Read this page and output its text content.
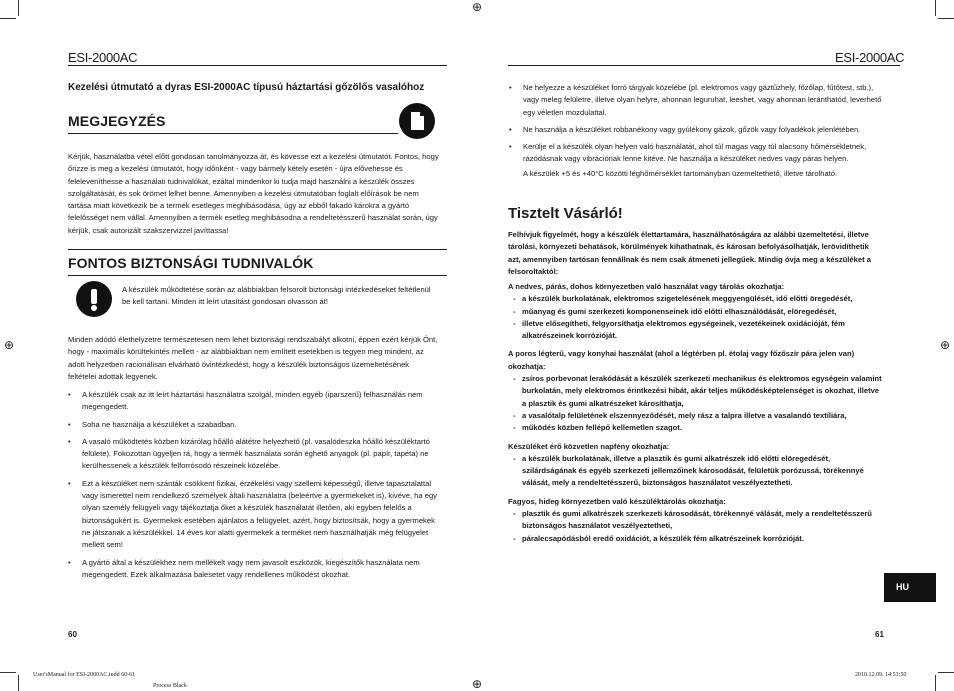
⊕
⊕
⊕	⊕
ESI-2000AC	ESI-2000AC
Kezelési útmutató a dyras ESI-2000AC típusú háztartási gőzölős vasalóhoz
MEGJEGYZÉS
Kérjük, használatba vétel előtt gondosan tanulmányozza át, és kövesse ezt a kezelési útmutatót. Fontos, hogy őrizze is meg a kezelési útmutatót, hogy időnként - vagy bármely kétely esetén - újra elővehesse és feleleveníthesse a használati tudnivalókat, ezáltal mindenkor ki tudja majd használni a készülék összes szolgáltatását, és sok örömet lelhet benne. Amennyiben a kezelési útmutatóban foglalt előírások be nem tartása miatt következik be a termék esetleges meghibásodása, úgy az ebből fakadó károkra a gyártó felelősséget nem vállal. Amennyiben a termék esetleg meghibásodna a rendeltetésszerű használat során, úgy kérjük, csak autorizált szakszervizzel javíttassa!
FONTOS BIZTONSÁGI TUDNIVALÓK
A készülék működtetése során az alábbiakban felsorolt biztonsági intézkedéseket feltétlenül be kell tartani. Minden itt leírt utasítást gondosan olvasson át!
Minden adódó élethelyzetre természetesen nem lehet biztonsági rendszabályt alkotni, éppen ezért kérjük Önt, hogy - maximális körültekintés mellett - az alábbiakban nem említett esetekben is tegyen meg mindent, az adott helyzetben racionálisan elvárható óvintézkedést, hogy a készülék biztonságos üzemeltetésének feltételei adottak legyenek.
• A készülék csak az itt leírt háztartási használatra szolgál, minden egyéb (iparszerű) felhasználás nem megengedett.
• Soha ne használja a készüléket a szabadban.
• A vasaló működtetés közben kizárólag hőálló alátétre helyezhető (pl. vasalódeszka hőálló készüléktartó felülete). Fokozottan ügyeljen rá, hogy a termék használata során éghető anyagok (pl. papír, tapéta) ne kerülhessenek a készülék felforrósodó részeinek közelébe.
• Ezt a készüléket nem szánták csökkent fizikai, érzékelési vagy szellemi képességű, illetve tapasztalattal vagy ismerettel nem rendelkező személyek általi használatra (beleértve a gyermekeket is), kivéve, ha egy olyan személy felügyeli vagy tájékoztatja őket a készülék használatát illetően, aki egyben felelős a biztonságukért is. Gyermekek esetében ajánlatos a felügyelet, azért, hogy biztosítsák, hogy a gyermekek ne játszanak a készülékkel. 14 éves kor alatti gyermekek a terméket nem használhatják még felügyelet mellett sem!
• A gyártó által a készülékhez nem mellékelt vagy nem javasolt eszközök, kiegészítők használata nem megengedett. Ezek alkalmazása balesetet vagy rendellenes működést okozhat.
60
• Ne helyezze a készüléket forró tárgyak közelébe (pl. elektromos vagy gáztűzhely, főzőlap, fűtőtest, stb.), vagy meleg felületre, illetve olyan helyre, ahonnan leguruhat, leeshet, vagy ahonnan leránthatód, leverhető egy véletlen mozdulattal.
• Ne használja a készüléket robbanékony vagy gyúlékony gázok, gőzök vagy folyadékok jelenlétében.
• Kerülje el a készülék olyan helyen való használatát, ahol túl magas vagy túl alacsony hőmérsékletnek, rázódásnak vagy vibrációnak lenne kitéve. Ne használja a készüléket nedves vagy páras helyen.
A készülék +5 és +40°C közötti léghőmérséklet tartományban üzemeltethető, illetve tárolható.
Tisztelt Vásárló!
Felhívjuk figyelmét, hogy a készülék élettartamára, használhatóságára az alábbi üzemeltetési, illetve tárolási, környezeti behatások, körülmények kihathatnak, és károsan befolyásolhatják, lerövidíthetik azt, amennyiben tartósan fennállnak és nem csak átmeneti jellegűek. Mindig óvja meg a készüléket a felsoroltaktól:
A nedves, párás, dohos környezetben való használat vagy tárolás okozhatja:
- a készülék burkolatának, elektromos szigetelésének meggyengülését, idő előtti öregedését,
- műanyag és gumi szerkezeti komponenseinek idő előtti elhasználódását, elöregedését,
- illetve elősegítheti, felgyorsíthatja elektromos egységeinek, vezetékeinek oxidációját, fém alkatrészeinek korrózióját.
A poros légterű, vagy konyhai használat (ahol a légtérben pl. étolaj vagy főzőszír pára jelen van) okozhatja:
- zsíros porbevonat lerakódását a készülék szerkezeti mechanikus és elektromos egységein valamint burkolatán, mely elektromos érintkezési hibát, akár teljes működésképtelenséget is okozhat, illetve a plasztik és gumi alkatrészeket károsíthatja,
- a vasalótalp felületének elszennyeződését, mely rász a talpra illetve a vasalandó textíliára,
- működés közben fellépő kellemetlen szagot.
Készüléket érő közvetlen napfény okozhatja:
- a készülék burkolatának, illetve a plasztik és gumi alkatrészek idő előtti elöregedését, szilárdságának és egyéb szerkezeti jellemzőinek károsodását, felületük porózussá, törékennyé válását, mely a rendeltetésszerű, biztonságos használatot veszélyeztetheti.
Fagyos, hideg környezetben való készüléktárolás okozhatja:
- plasztik és gumi alkatrészek szerkezeti károsodását, törékennyé válását, mely a rendeltetésszerű biztonságos használatot veszélyeztetheti,
- páralecsapódásból eredő oxidációt, a készülék fém alkatrészeinek korrózióját.
HU
61
User'sManual for ESI-2000AC.indd 60-61
Process Black
2010.12.09. 14:53:50
